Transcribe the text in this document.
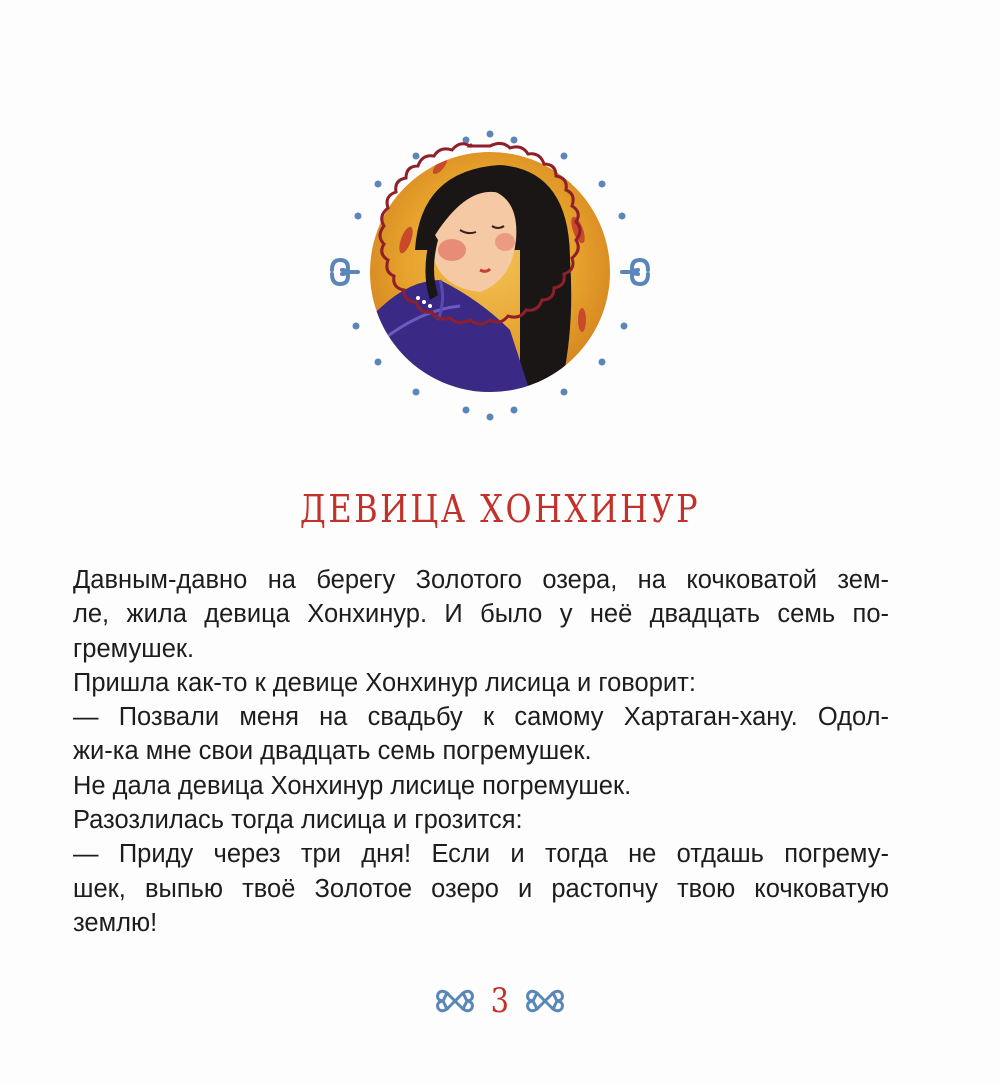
ДЕВИЦА ХОНХИНУР

Давным-давно на берегу Золотого озера, на кочковатой зем-
ле, жила девица Хонхинур. И было у неё двадцать семь по-
гремушек.

Пришла как-то к девице Хонхинур лисица и говорит:

— Позвали меня на свадьбу к самому Хартаган-хану. Одол-
жи-ка мне свои двадцать семь погремушек.

Не дала девица Хонхинур лисице погремушек.

Разозлилась тогда лисица и грозится:

— Приду через три дня! Если и тогда не отдашь погрему-
шек, выпью твоё Золотое озеро и растопчу твою кочковатую
землю!

3
